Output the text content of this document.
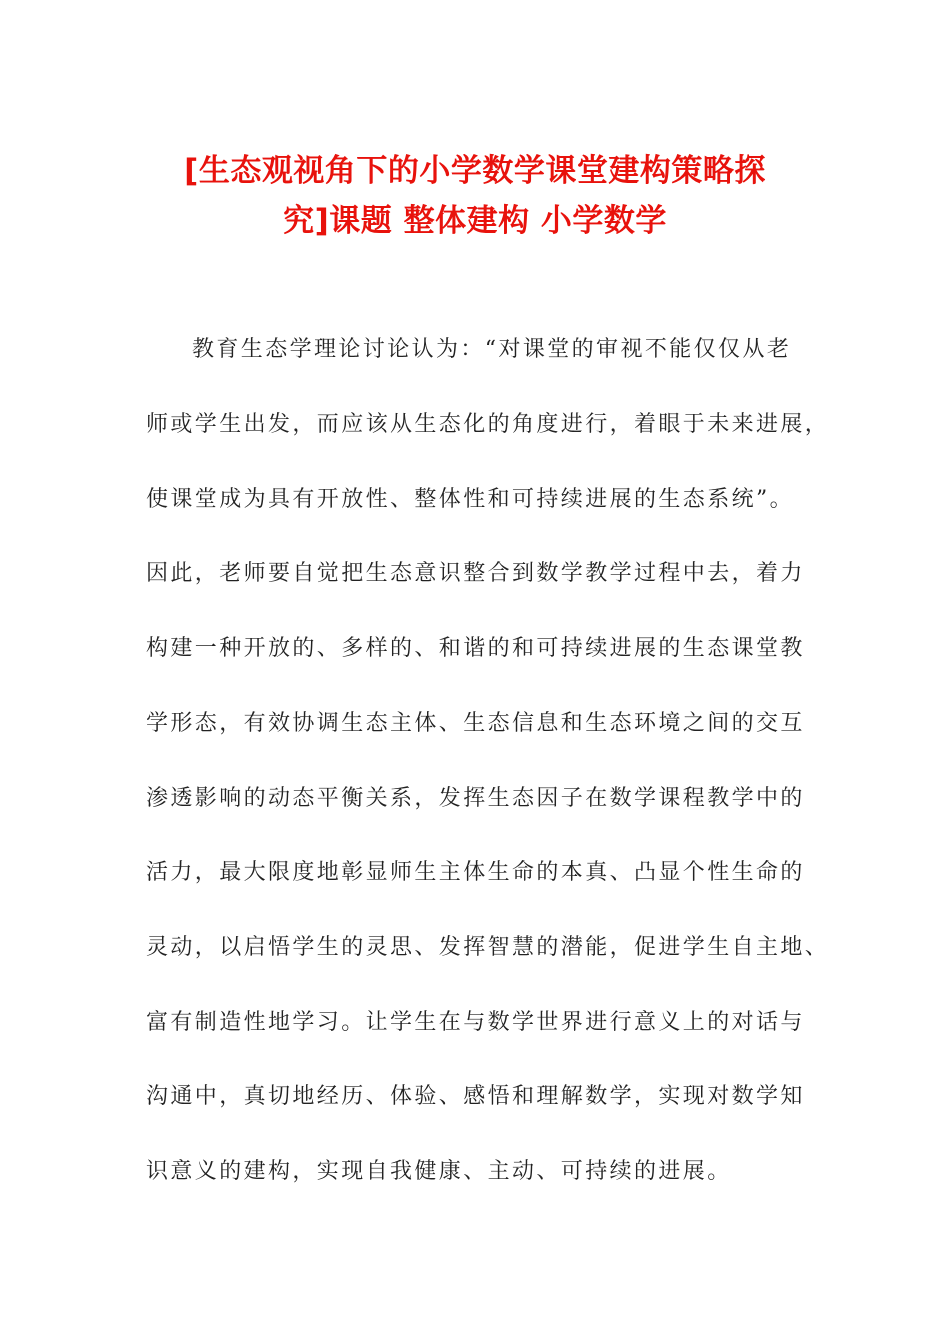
[生态观视角下的小学数学课堂建构策略探
究]课题 整体建构 小学数学
教育生态学理论讨论认为：“对课堂的审视不能仅仅从老
师或学生出发，而应该从生态化的角度进行，着眼于未来进展，
使课堂成为具有开放性、整体性和可持续进展的生态系统”。
因此，老师要自觉把生态意识整合到数学教学过程中去，着力
构建一种开放的、多样的、和谐的和可持续进展的生态课堂教
学形态，有效协调生态主体、生态信息和生态环境之间的交互
渗透影响的动态平衡关系，发挥生态因子在数学课程教学中的
活力，最大限度地彰显师生主体生命的本真、凸显个性生命的
灵动，以启悟学生的灵思、发挥智慧的潜能，促进学生自主地、
富有制造性地学习。让学生在与数学世界进行意义上的对话与
沟通中，真切地经历、体验、感悟和理解数学，实现对数学知
识意义的建构，实现自我健康、主动、可持续的进展。
